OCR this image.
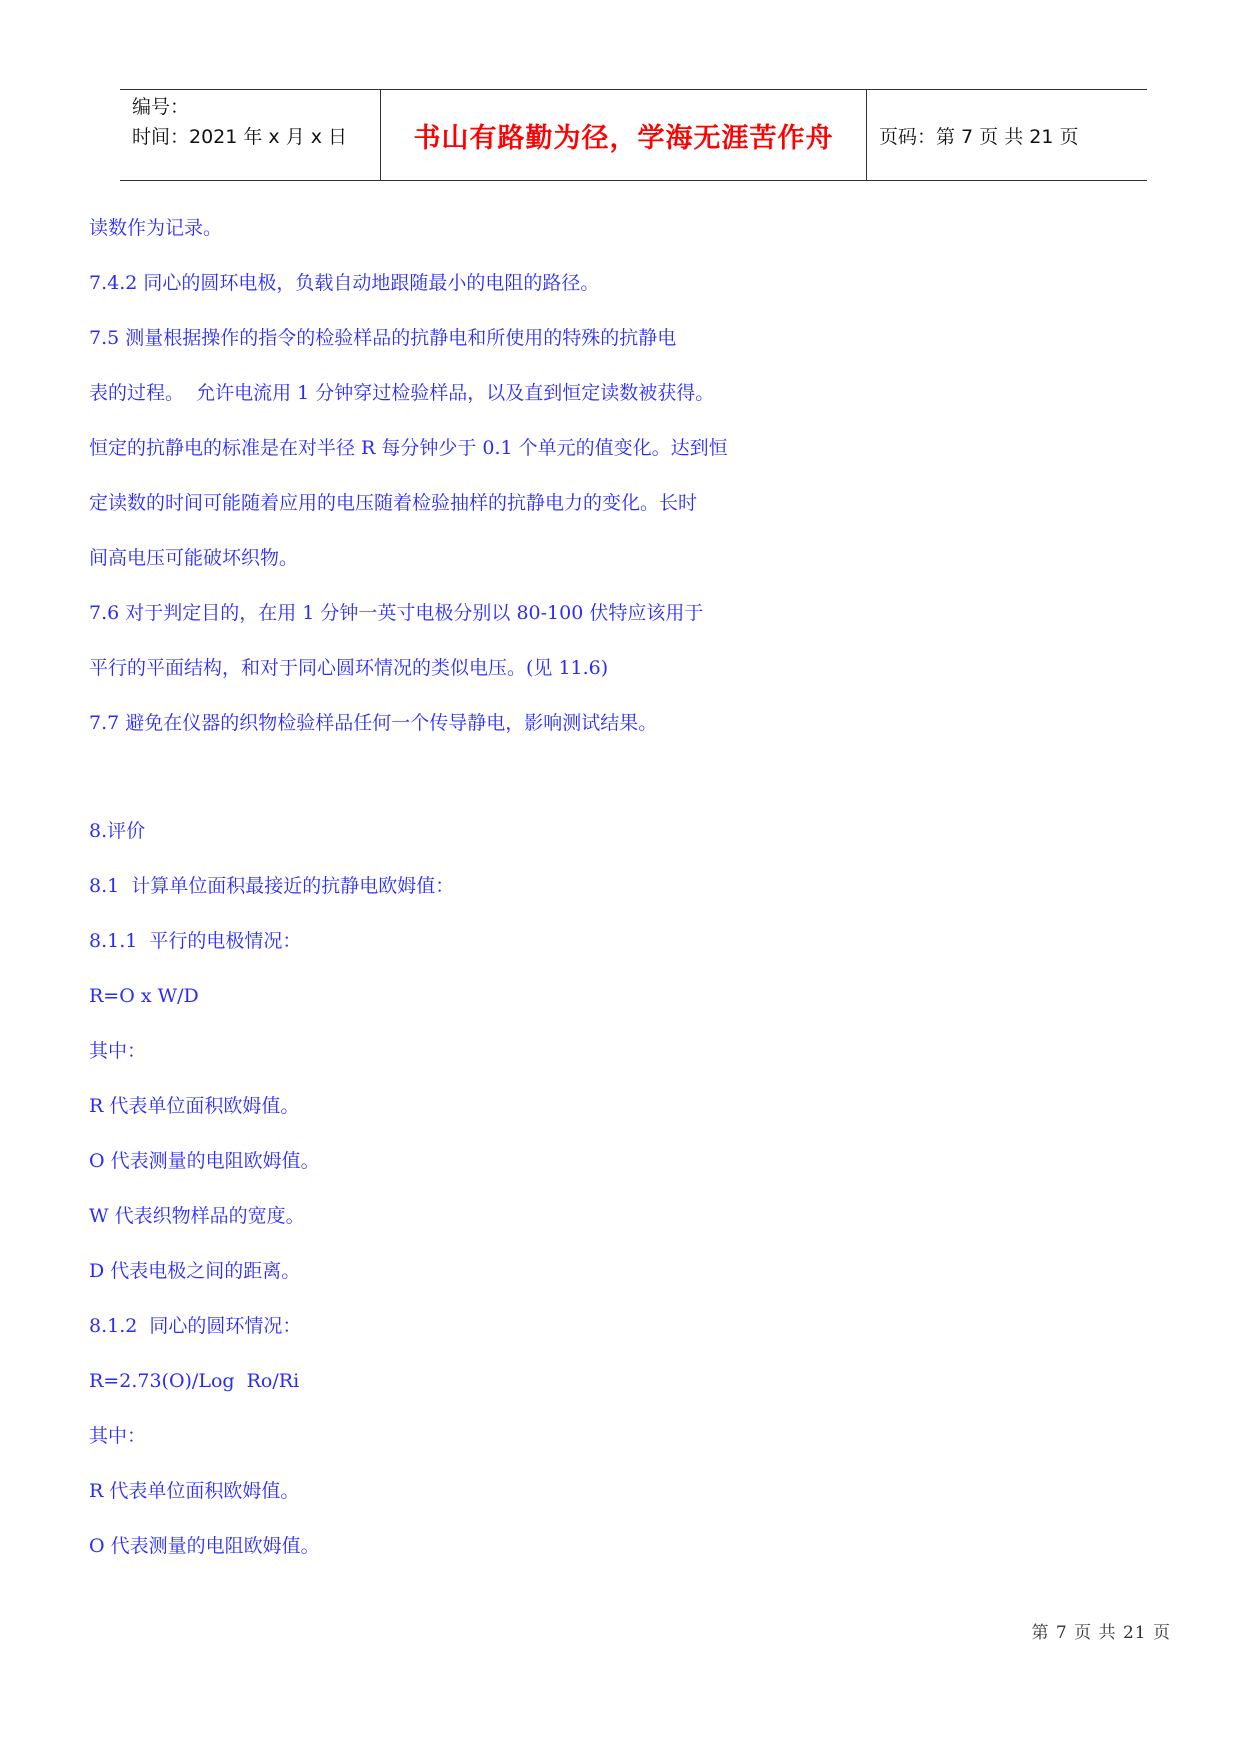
编号：
时间：2021 年 x 月 x 日	书山有路勤为径，学海无涯苦作舟 页码：第 7 页 共 21 页
读数作为记录。
7.4.2 同心的圆环电极，负载自动地跟随最小的电阻的路径。
7.5 测量根据操作的指令的检验样品的抗静电和所使用的特殊的抗静电
表的过程。  允许电流用 1 分钟穿过检验样品，以及直到恒定读数被获得。
恒定的抗静电的标准是在对半径 R 每分钟少于 0.1 个单元的值变化。达到恒
定读数的时间可能随着应用的电压随着检验抽样的抗静电力的变化。长时
间高电压可能破坏织物。
7.6 对于判定目的，在用 1 分钟一英寸电极分别以 80-100 伏特应该用于
平行的平面结构，和对于同心圆环情况的类似电压。(见 11.6)
7.7 避免在仪器的织物检验样品任何一个传导静电，影响测试结果。
8.评价
8.1  计算单位面积最接近的抗静电欧姆值：
8.1.1  平行的电极情况：
R=O x W/D
其中：
R 代表单位面积欧姆值。
O 代表测量的电阻欧姆值。
W 代表织物样品的宽度。
D 代表电极之间的距离。
8.1.2  同心的圆环情况：
R=2.73(O)/Log  Ro/Ri
其中：
R 代表单位面积欧姆值。
O 代表测量的电阻欧姆值。
第 7 页 共 21 页
